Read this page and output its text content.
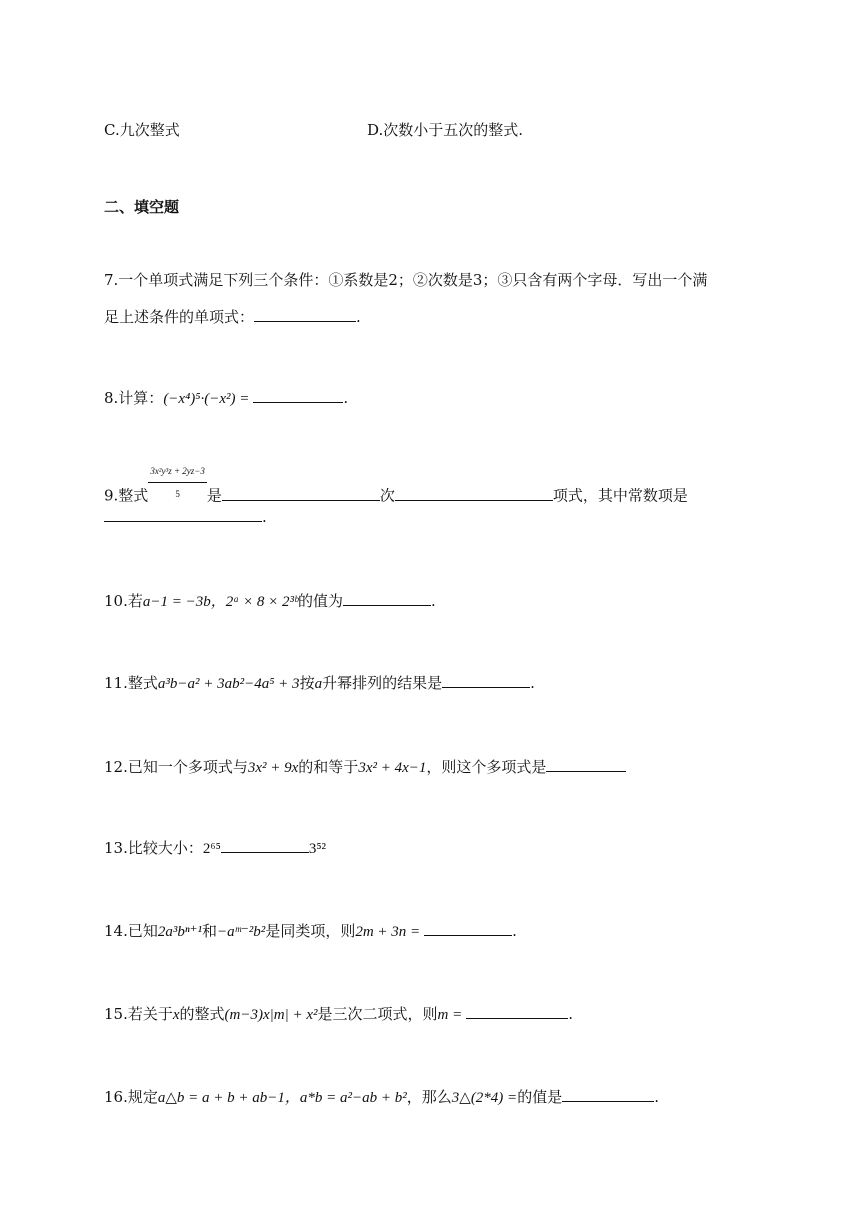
C.九次整式	D.次数小于五次的整式.
二、填空题
7.一个单项式满足下列三个条件：①系数是2；②次数是3；③只含有两个字母．写出一个满
足上述条件的单项式：	.
8.计算：(−x⁴)⁵·(−x²) =	.
9.整式 $\frac{\text{3x²y³z + 2yz−3}}{5}$ 是	次	项式，其中常数项是
.
10.若a−1 = −3b，2ᵃ × 8 × 2³ᵇ的值为	.
11.整式a³b−a² + 3ab²−4a⁵ + 3按a升幂排列的结果是	.
12.已知一个多项式与3x² + 9x的和等于3x² + 4x−1，则这个多项式是
13.比较大小：2⁶⁵	3⁵²
14.已知2a³bⁿ⁺¹和−aᵐ⁻²b²是同类项，则2m + 3n =	.
15.若关于x的整式(m−3)x|m| + x²是三次二项式，则m =	.
16.规定a△b = a + b + ab−1，a*b = a²−ab + b²，那么3△(2*4) =的值是	.
